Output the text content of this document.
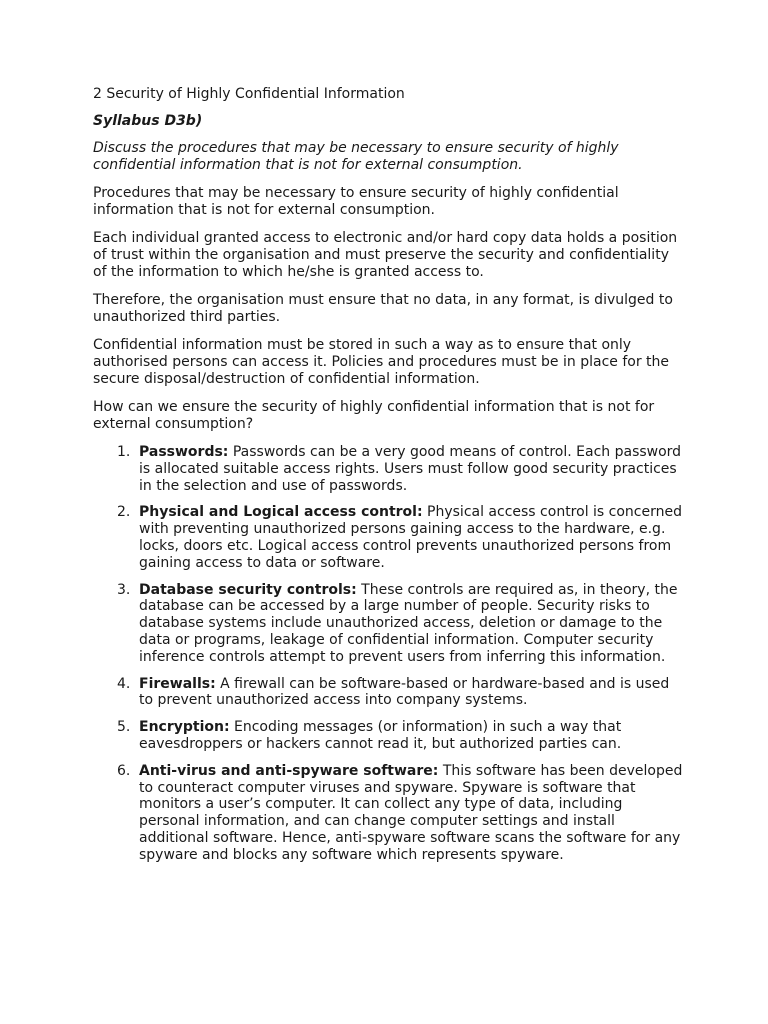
2 Security of Highly Confidential Information

Syllabus D3b)

Discuss the procedures that may be necessary to ensure security of highly confidential information that is not for external consumption.

Procedures that may be necessary to ensure security of highly confidential information that is not for external consumption.

Each individual granted access to electronic and/or hard copy data holds a position of trust within the organisation and must preserve the security and confidentiality of the information to which he/she is granted access to.

Therefore, the organisation must ensure that no data, in any format, is divulged to unauthorized third parties.

Confidential information must be stored in such a way as to ensure that only authorised persons can access it. Policies and procedures must be in place for the secure disposal/destruction of confidential information.

How can we ensure the security of highly confidential information that is not for external consumption?

1. Passwords: Passwords can be a very good means of control. Each password is allocated suitable access rights. Users must follow good security practices in the selection and use of passwords.
2. Physical and Logical access control: Physical access control is concerned with preventing unauthorized persons gaining access to the hardware, e.g. locks, doors etc. Logical access control prevents unauthorized persons from gaining access to data or software.
3. Database security controls: These controls are required as, in theory, the database can be accessed by a large number of people. Security risks to database systems include unauthorized access, deletion or damage to the data or programs, leakage of confidential information. Computer security inference controls attempt to prevent users from inferring this information.
4. Firewalls: A firewall can be software-based or hardware-based and is used to prevent unauthorized access into company systems.
5. Encryption: Encoding messages (or information) in such a way that eavesdroppers or hackers cannot read it, but authorized parties can.
6. Anti-virus and anti-spyware software: This software has been developed to counteract computer viruses and spyware. Spyware is software that monitors a user’s computer. It can collect any type of data, including personal information, and can change computer settings and install additional software. Hence, anti-spyware software scans the software for any spyware and blocks any software which represents spyware.
